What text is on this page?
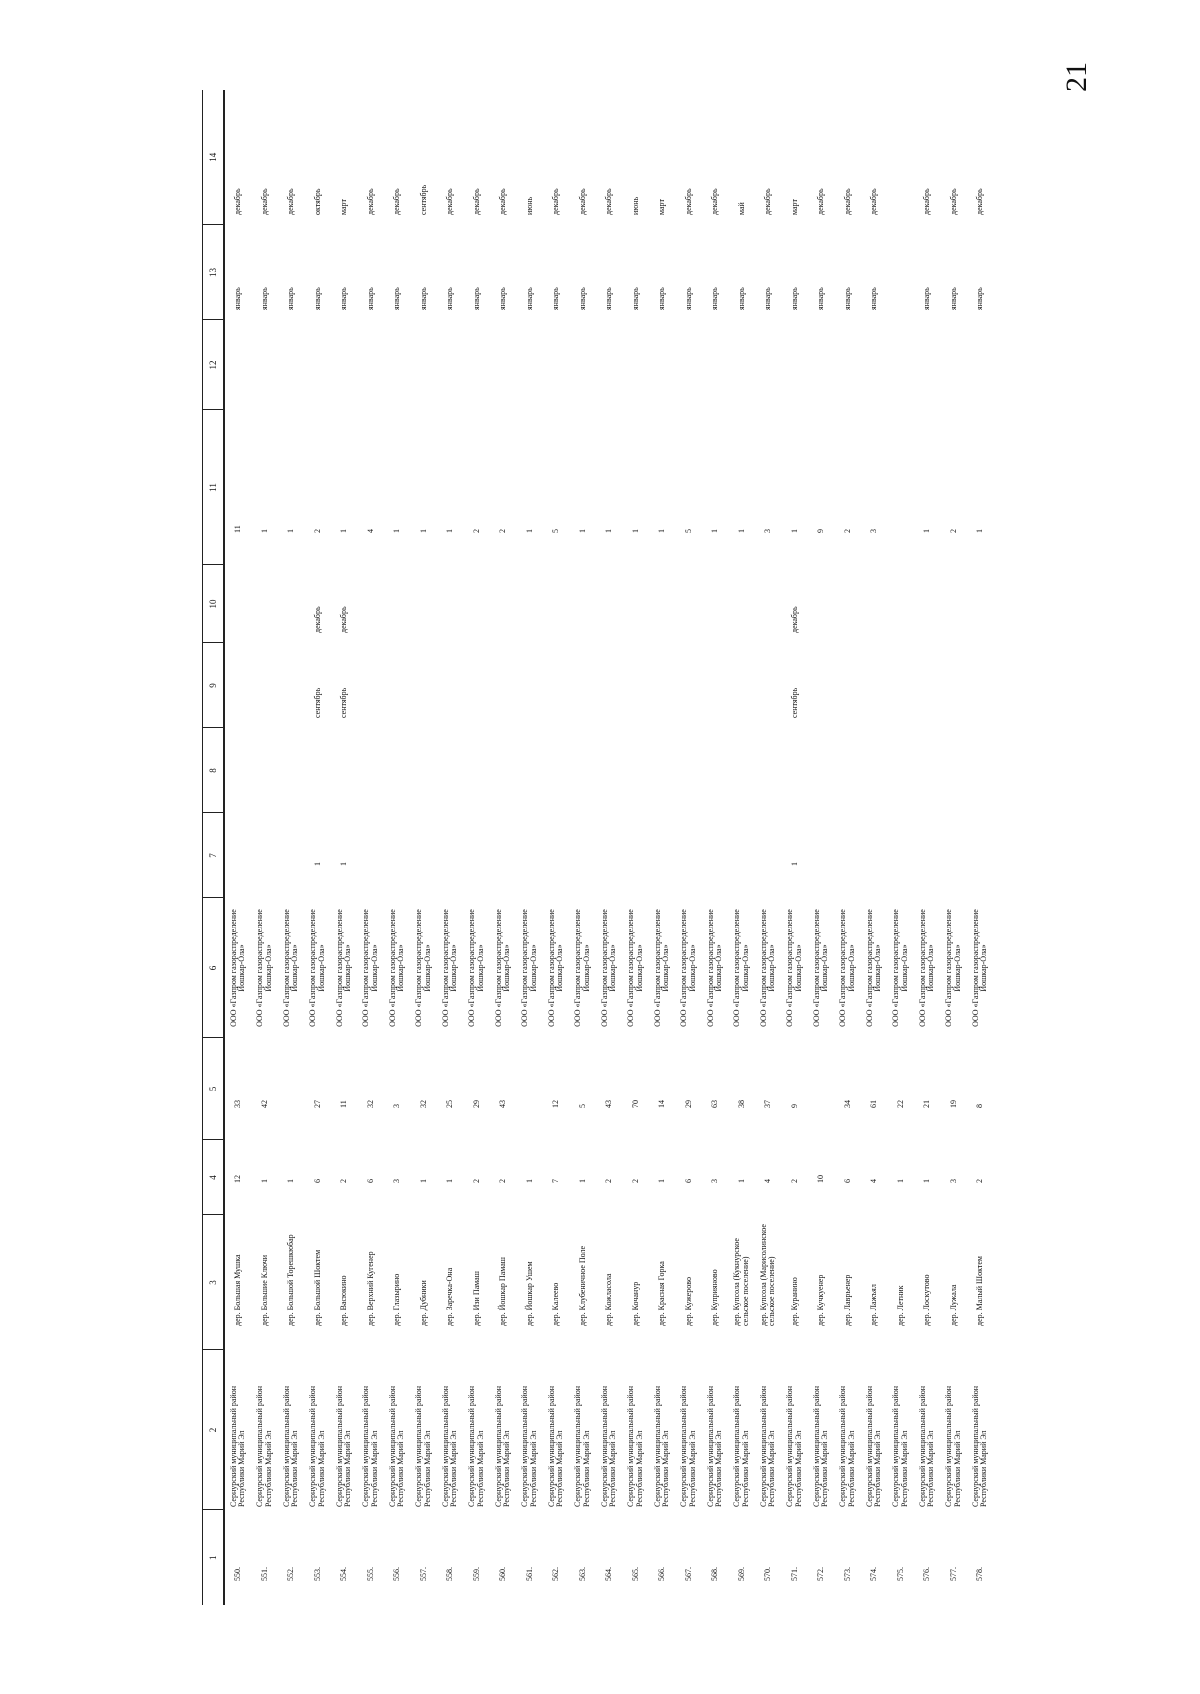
21
1	2	3	4	5	6	7	8	9	10	11	12	13	14
550.	Сернурский муниципальный район Республики Марий Эл	дер. Большая Мушка	12	33	ООО «Газпром газораспределение Йошкар-Ола»					11		январь	декабрь
551.	Сернурский муниципальный район Республики Марий Эл	дер. Большие Ключи	1	42	ООО «Газпром газораспределение Йошкар-Ола»					1		январь	декабрь
552.	Сернурский муниципальный район Республики Марий Эл	дер. Большой Торешкюбар	1		ООО «Газпром газораспределение Йошкар-Ола»					1		январь	декабрь
553.	Сернурский муниципальный район Республики Марий Эл	дер. Большой Шоктем	6	27	ООО «Газпром газораспределение Йошкар-Ола»	1		сентябрь	декабрь	2		январь	октябрь
554.	Сернурский муниципальный район Республики Марий Эл	дер. Васюкино	2	11	ООО «Газпром газораспределение Йошкар-Ола»	1		сентябрь	декабрь	1		январь	март
555.	Сернурский муниципальный район Республики Марий Эл	дер. Верхний Кугенер	6	32	ООО «Газпром газораспределение Йошкар-Ола»					4		январь	декабрь
556.	Сернурский муниципальный район Республики Марий Эл	дер. Глазырино	3	3	ООО «Газпром газораспределение Йошкар-Ола»					1		январь	декабрь
557.	Сернурский муниципальный район Республики Марий Эл	дер. Дубники	1	32	ООО «Газпром газораспределение Йошкар-Ола»					1		январь	сентябрь
558.	Сернурский муниципальный район Республики Марий Эл	дер. Заречка-Она	1	25	ООО «Газпром газораспределение Йошкар-Ола»					1		январь	декабрь
559.	Сернурский муниципальный район Республики Марий Эл	дер. Изи Памаш	2	29	ООО «Газпром газораспределение Йошкар-Ола»					2		январь	декабрь
560.	Сернурский муниципальный район Республики Марий Эл	дер. Йошкар Памаш	2	43	ООО «Газпром газораспределение Йошкар-Ола»					2		январь	декабрь
561.	Сернурский муниципальный район Республики Марий Эл	дер. Йошкар Ушем	1		ООО «Газпром газораспределение Йошкар-Ола»					1		январь	июнь
562.	Сернурский муниципальный район Республики Марий Эл	дер. Калеево	7	12	ООО «Газпром газораспределение Йошкар-Ола»					5		январь	декабрь
563.	Сернурский муниципальный район Республики Марий Эл	дер. Клубеничное Поле	1	5	ООО «Газпром газораспределение Йошкар-Ола»					1		январь	декабрь
564.	Сернурский муниципальный район Республики Марий Эл	дер. Кожласола	2	43	ООО «Газпром газораспределение Йошкар-Ола»					1		январь	декабрь
565.	Сернурский муниципальный район Республики Марий Эл	дер. Кочанур	2	70	ООО «Газпром газораспределение Йошкар-Ола»					1		январь	июнь
566.	Сернурский муниципальный район Республики Марий Эл	дер. Красная Горка	1	14	ООО «Газпром газораспределение Йошкар-Ола»					1		январь	март
567.	Сернурский муниципальный район Республики Марий Эл	дер. Кужерово	6	29	ООО «Газпром газораспределение Йошкар-Ола»					5		январь	декабрь
568.	Сернурский муниципальный район Республики Марий Эл	дер. Куприяново	3	63	ООО «Газпром газораспределение Йошкар-Ола»					1		январь	декабрь
569.	Сернурский муниципальный район Республики Марий Эл	дер. Купсола (Кукнурское сельское поселение)	1	38	ООО «Газпром газораспределение Йошкар-Ола»					1		январь	май
570.	Сернурский муниципальный район Республики Марий Эл	дер. Купсола (Марисолинское сельское поселение)	4	37	ООО «Газпром газораспределение Йошкар-Ола»					3		январь	декабрь
571.	Сернурский муниципальный район Республики Марий Эл	дер. Куранино	2	9	ООО «Газпром газораспределение Йошкар-Ола»	1		сентябрь	декабрь	1		январь	март
572.	Сернурский муниципальный район Республики Марий Эл	дер. Кучкуенер	10		ООО «Газпром газораспределение Йошкар-Ола»					9		январь	декабрь
573.	Сернурский муниципальный район Республики Марий Эл	дер. Лаврьенер	6	34	ООО «Газпром газораспределение Йошкар-Ола»					2		январь	декабрь
574.	Сернурский муниципальный район Республики Марий Эл	дер. Лажъял	4	61	ООО «Газпром газораспределение Йошкар-Ола»					3		январь	декабрь
575.	Сернурский муниципальный район Республики Марий Эл	дер. Летник	1	22	ООО «Газпром газораспределение Йошкар-Ола»								
576.	Сернурский муниципальный район Республики Марий Эл	дер. Лоскутово	1	21	ООО «Газпром газораспределение Йошкар-Ола»					1		январь	декабрь
577.	Сернурский муниципальный район Республики Марий Эл	дер. Лужала	3	19	ООО «Газпром газораспределение Йошкар-Ола»					2		январь	декабрь
578.	Сернурский муниципальный район Республики Марий Эл	дер. Малый Шоктем	2	8	ООО «Газпром газораспределение Йошкар-Ола»					1		январь	декабрь
